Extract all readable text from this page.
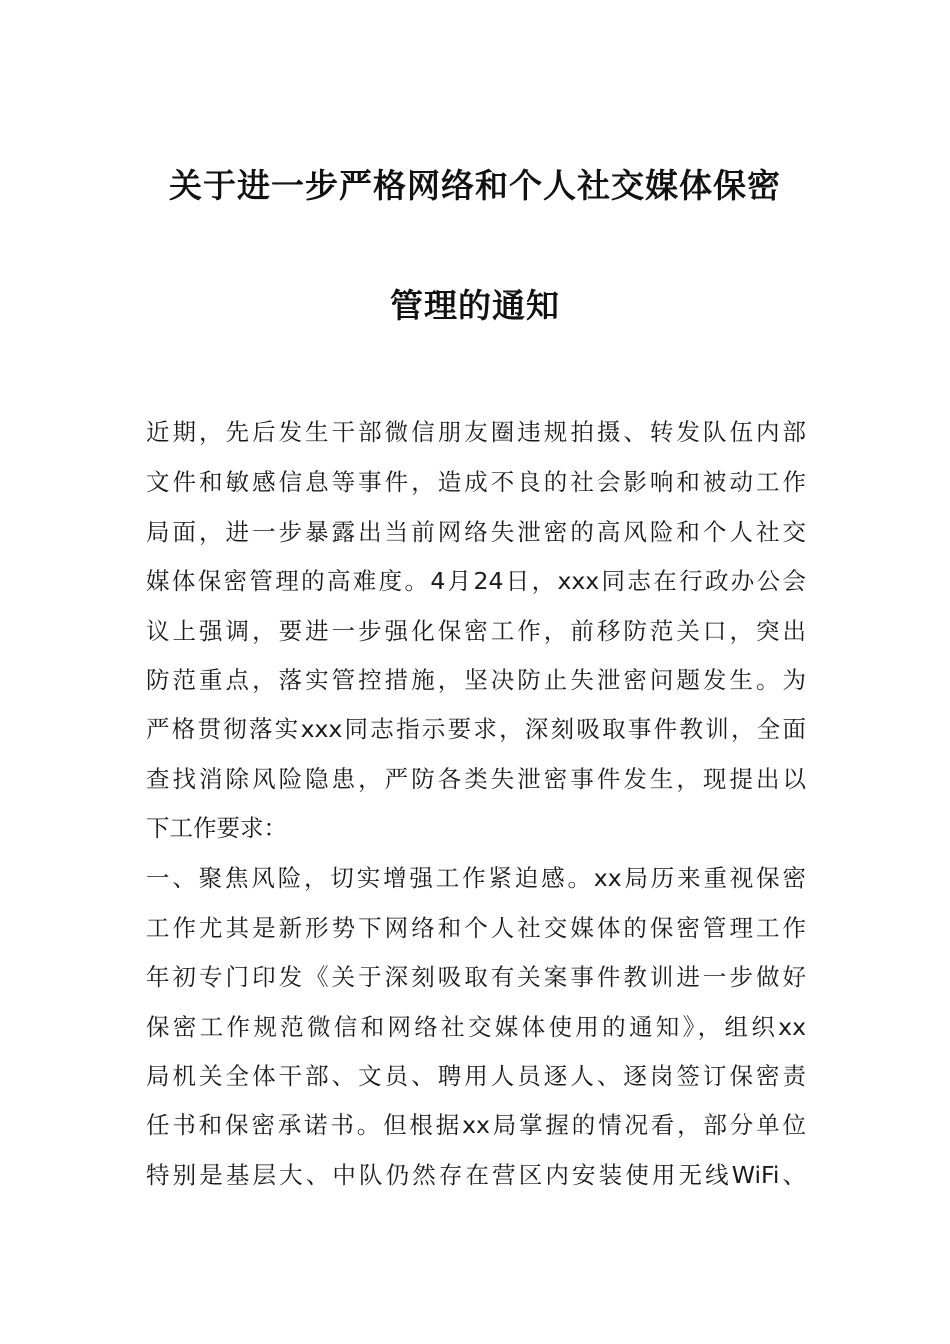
关于进一步严格网络和个人社交媒体保密
管理的通知
近期，先后发生干部微信朋友圈违规拍摄、转发队伍内部
文件和敏感信息等事件，造成不良的社会影响和被动工作
局面，进一步暴露出当前网络失泄密的高风险和个人社交
媒体保密管理的高难度。4月24日，xxx同志在行政办公会
议上强调，要进一步强化保密工作，前移防范关口，突出
防范重点，落实管控措施，坚决防止失泄密问题发生。为
严格贯彻落实xxx同志指示要求，深刻吸取事件教训，全面
查找消除风险隐患，严防各类失泄密事件发生，现提出以
下工作要求：
一、聚焦风险，切实增强工作紧迫感。xx局历来重视保密
工作尤其是新形势下网络和个人社交媒体的保密管理工作
年初专门印发《关于深刻吸取有关案事件教训进一步做好
保密工作规范微信和网络社交媒体使用的通知》，组织xx
局机关全体干部、文员、聘用人员逐人、逐岗签订保密责
任书和保密承诺书。但根据xx局掌握的情况看，部分单位
特别是基层大、中队仍然存在营区内安装使用无线WiFi、
